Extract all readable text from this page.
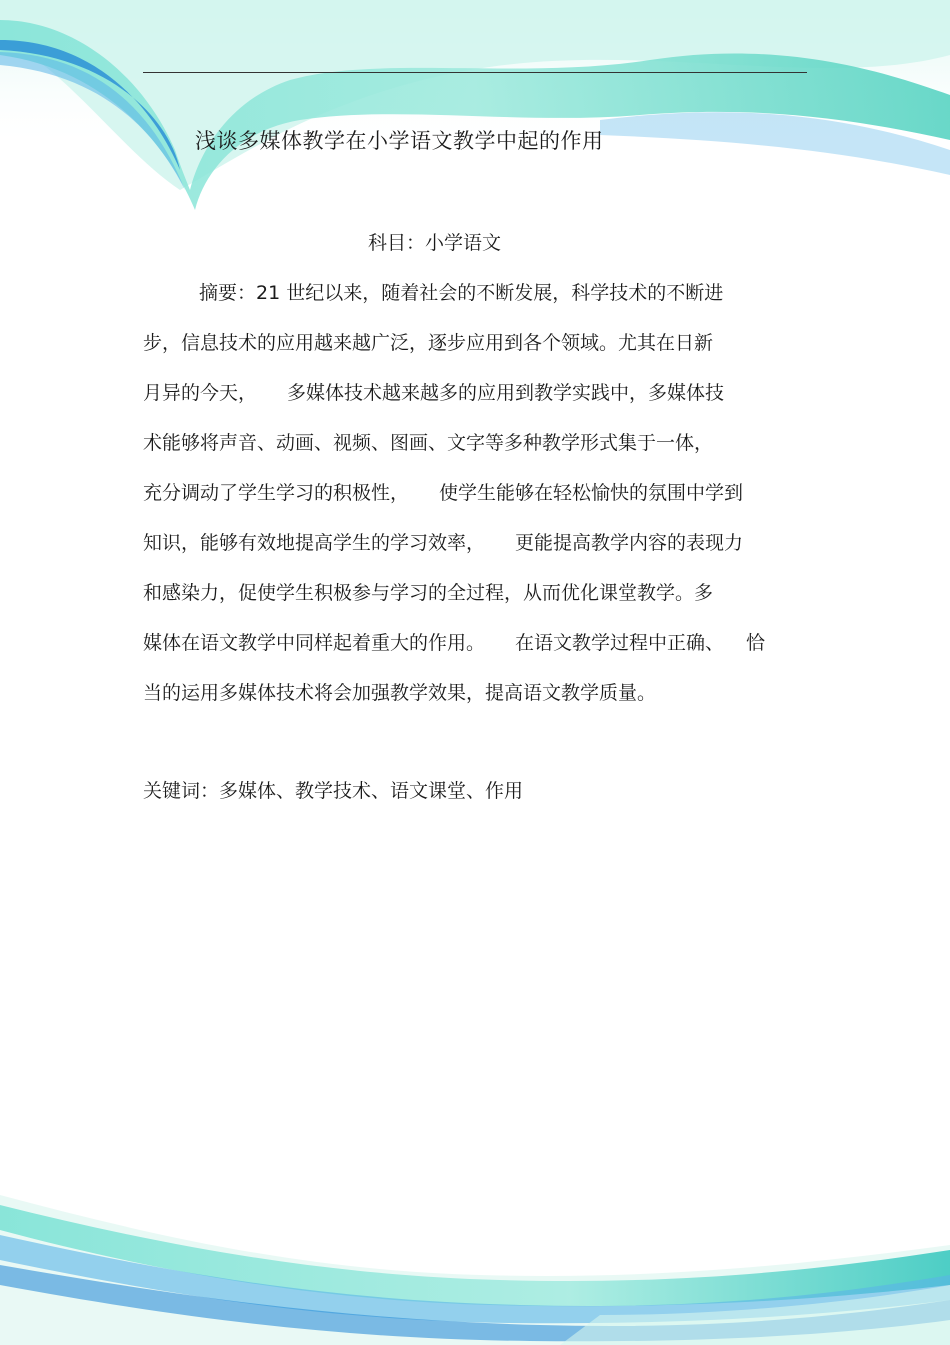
浅谈多媒体教学在小学语文教学中起的作用
科目：小学语文
摘要：21 世纪以来，随着社会的不断发展，科学技术的不断进
步，信息技术的应用越来越广泛，逐步应用到各个领域。尤其在日新
月异的今天， 多媒体技术越来越多的应用到教学实践中，多媒体技
术能够将声音、动画、视频、图画、文字等多种教学形式集于一体，
充分调动了学生学习的积极性， 使学生能够在轻松愉快的氛围中学到
知识，能够有效地提高学生的学习效率， 更能提高教学内容的表现力
和感染力，促使学生积极参与学习的全过程，从而优化课堂教学。多
媒体在语文教学中同样起着重大的作用。 在语文教学过程中正确、 恰
当的运用多媒体技术将会加强教学效果，提高语文教学质量。
关键词：多媒体、教学技术、语文课堂、作用
